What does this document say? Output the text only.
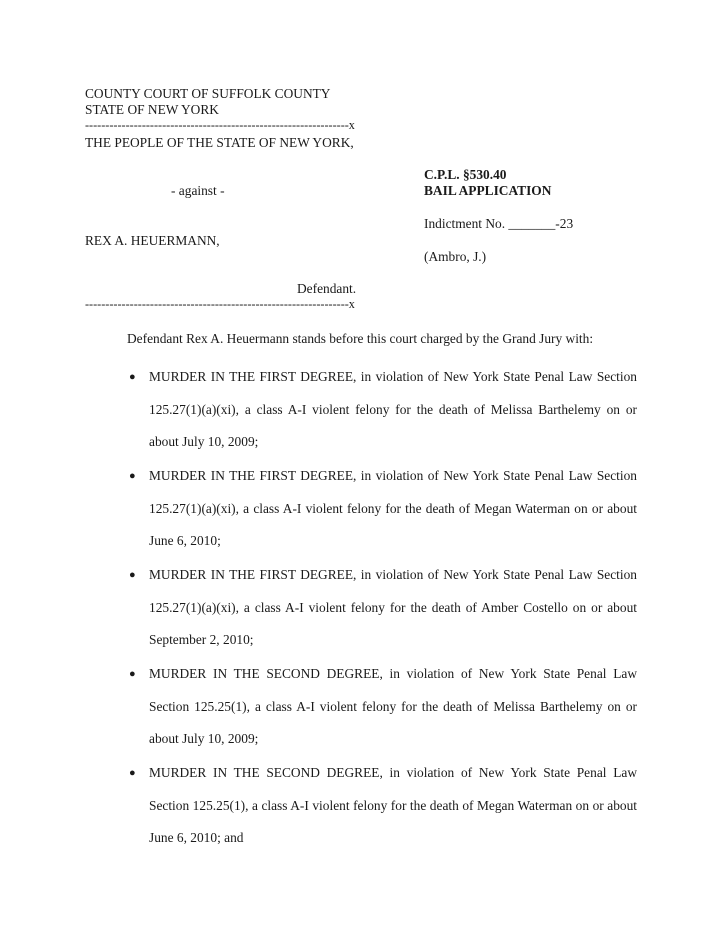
COUNTY COURT OF SUFFOLK COUNTY
STATE OF NEW YORK
-----------------------------------------------------------------x
THE PEOPLE OF THE STATE OF NEW YORK,
- against -
REX A. HEUERMANN,
Defendant.
-----------------------------------------------------------------x
C.P.L. §530.40
BAIL APPLICATION
Indictment No. _______-23
(Ambro, J.)
Defendant Rex A. Heuermann stands before this court charged by the Grand Jury with:
● MURDER IN THE FIRST DEGREE, in violation of New York State Penal Law Section 125.27(1)(a)(xi), a class A-I violent felony for the death of Melissa Barthelemy on or about July 10, 2009;
● MURDER IN THE FIRST DEGREE, in violation of New York State Penal Law Section 125.27(1)(a)(xi), a class A-I violent felony for the death of Megan Waterman on or about June 6, 2010;
● MURDER IN THE FIRST DEGREE, in violation of New York State Penal Law Section 125.27(1)(a)(xi), a class A-I violent felony for the death of Amber Costello on or about September 2, 2010;
● MURDER IN THE SECOND DEGREE, in violation of New York State Penal Law Section 125.25(1), a class A-I violent felony for the death of Melissa Barthelemy on or about July 10, 2009;
● MURDER IN THE SECOND DEGREE, in violation of New York State Penal Law Section 125.25(1), a class A-I violent felony for the death of Megan Waterman on or about June 6, 2010; and
